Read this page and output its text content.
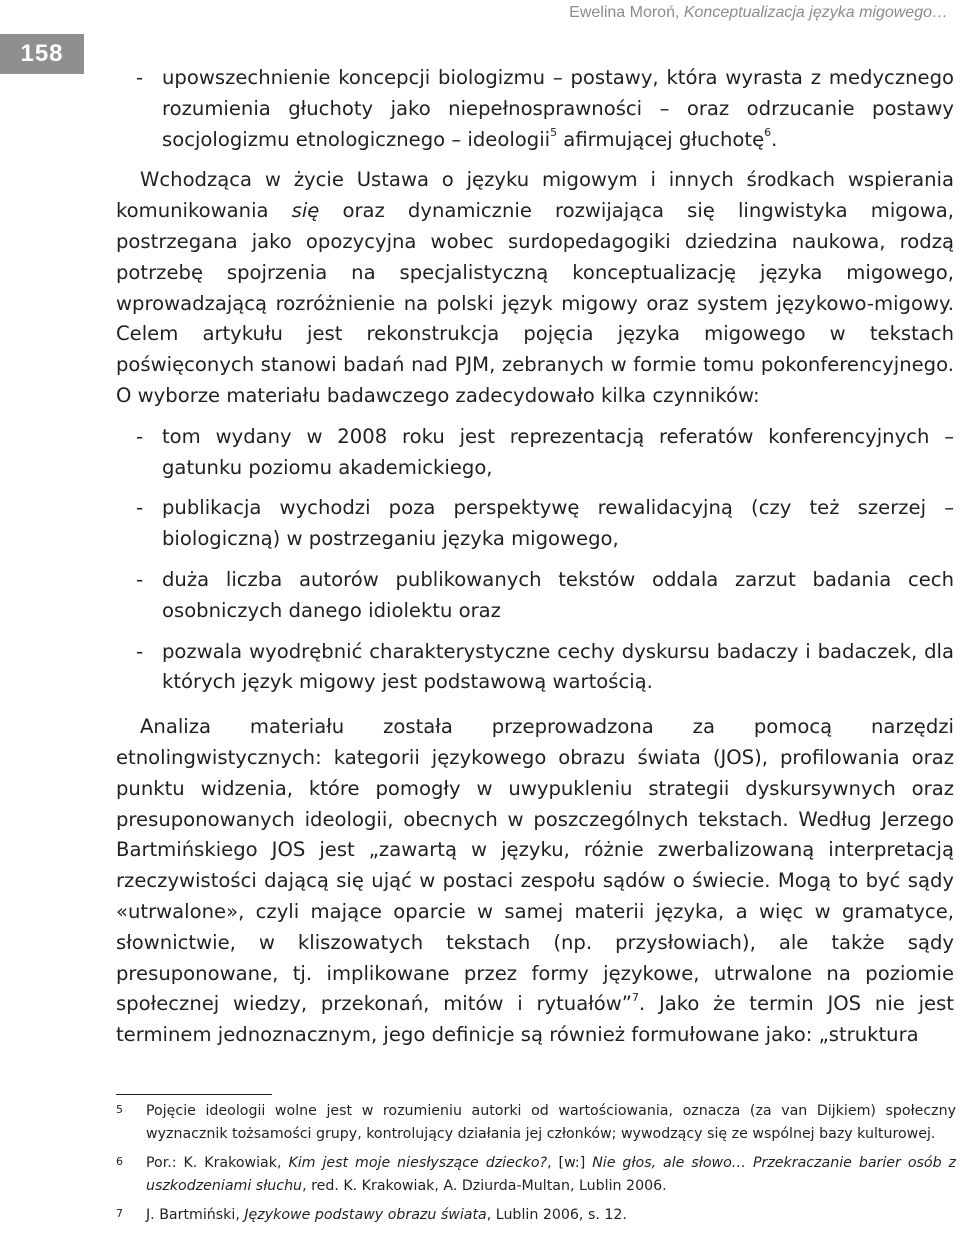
Ewelina Moroń, Konceptualizacja języka migowego…
158

- upowszechnienie koncepcji biologizmu – postawy, która wyrasta z medycznego rozumienia głuchoty jako niepełnosprawności – oraz odrzucanie postawy socjologizmu etnologicznego – ideologii$^5$ afirmującej głuchotę$^6$.

Wchodząca w życie Ustawa o języku migowym i innych środkach wspierania komunikowania się oraz dynamicznie rozwijająca się lingwistyka migowa, postrzegana jako opozycyjna wobec surdopedagogiki dziedzina naukowa, rodzą potrzebę spojrzenia na specjalistyczną konceptualizację języka migowego, wprowadzającą rozróżnienie na polski język migowy oraz system językowo-migowy. Celem artykułu jest rekonstrukcja pojęcia języka migowego w tekstach poświęconych stanowi badań nad PJM, zebranych w formie tomu pokonferencyjnego. O wyborze materiału badawczego zadecydowało kilka czynników:

- tom wydany w 2008 roku jest reprezentacją referatów konferencyjnych – gatunku poziomu akademickiego,

- publikacja wychodzi poza perspektywę rewalidacyjną (czy też szerzej – biologiczną) w postrzeganiu języka migowego,

- duża liczba autorów publikowanych tekstów oddala zarzut badania cech osobniczych danego idiolektu oraz

- pozwala wyodrębnić charakterystyczne cechy dyskursu badaczy i badaczek, dla których język migowy jest podstawową wartością.

Analiza materiału została przeprowadzona za pomocą narzędzi etnolingwistycznych: kategorii językowego obrazu świata (JOS), profilowania oraz punktu widzenia, które pomogły w uwypukleniu strategii dyskursywnych oraz presuponowanych ideologii, obecnych w poszczególnych tekstach. Według Jerzego Bartmińskiego JOS jest „zawartą w języku, różnie zwerbalizowaną interpretacją rzeczywistości dającą się ująć w postaci zespołu sądów o świecie. Mogą to być sądy «utrwalone», czyli mające oparcie w samej materii języka, a więc w gramatyce, słownictwie, w kliszowatych tekstach (np. przysłowiach), ale także sądy presuponowane, tj. implikowane przez formy językowe, utrwalone na poziomie społecznej wiedzy, przekonań, mitów i rytuałów”$^7$. Jako że termin JOS nie jest terminem jednoznacznym, jego definicje są również formułowane jako: „struktura

5 Pojęcie ideologii wolne jest w rozumieniu autorki od wartościowania, oznacza (za van Dijkiem) społeczny wyznacznik tożsamości grupy, kontrolujący działania jej członków; wywodzący się ze wspólnej bazy kulturowej.

6 Por.: K. Krakowiak, Kim jest moje niesłyszące dziecko?, [w:] Nie głos, ale słowo… Przekraczanie barier osób z uszkodzeniami słuchu, red. K. Krakowiak, A. Dziurda-Multan, Lublin 2006.

7 J. Bartmiński, Językowe podstawy obrazu świata, Lublin 2006, s. 12.
